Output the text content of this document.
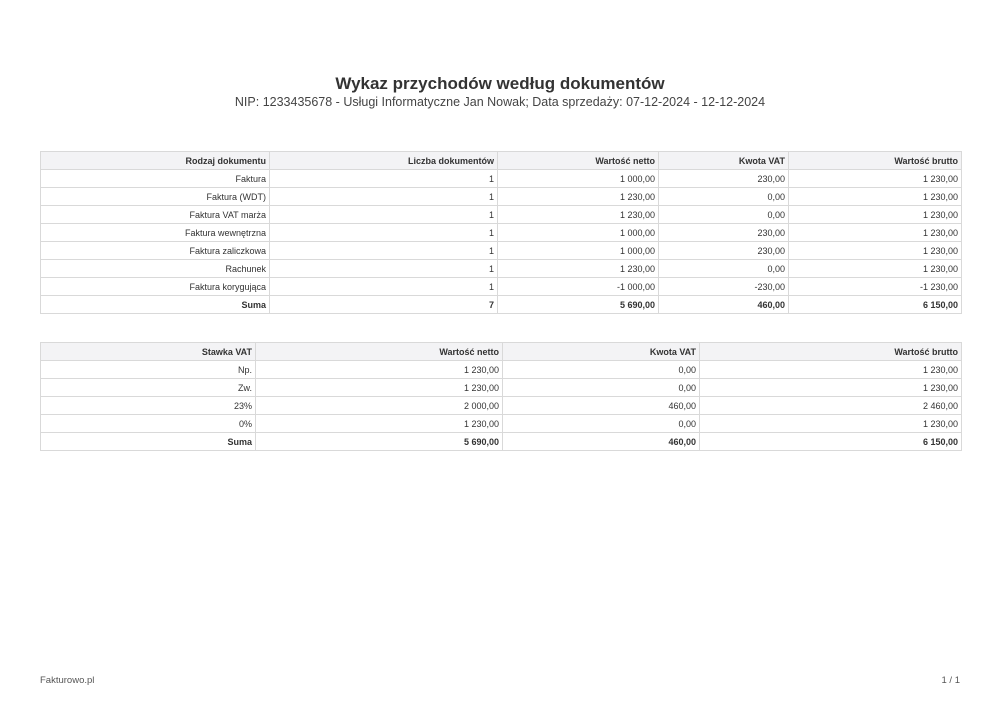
Wykaz przychodów według dokumentów
NIP: 1233435678 - Usługi Informatyczne Jan Nowak; Data sprzedaży: 07-12-2024 - 12-12-2024
Rodzaj dokumentu	Liczba dokumentów	Wartość netto	Kwota VAT	Wartość brutto
Faktura	1	1 000,00	230,00	1 230,00
Faktura (WDT)	1	1 230,00	0,00	1 230,00
Faktura VAT marża	1	1 230,00	0,00	1 230,00
Faktura wewnętrzna	1	1 000,00	230,00	1 230,00
Faktura zaliczkowa	1	1 000,00	230,00	1 230,00
Rachunek	1	1 230,00	0,00	1 230,00
Faktura korygująca	1	-1 000,00	-230,00	-1 230,00
Suma	7	5 690,00	460,00	6 150,00
Stawka VAT	Wartość netto	Kwota VAT	Wartość brutto
Np.	1 230,00	0,00	1 230,00
Zw.	1 230,00	0,00	1 230,00
23%	2 000,00	460,00	2 460,00
0%	1 230,00	0,00	1 230,00
Suma	5 690,00	460,00	6 150,00
Fakturowo.pl	1 / 1
